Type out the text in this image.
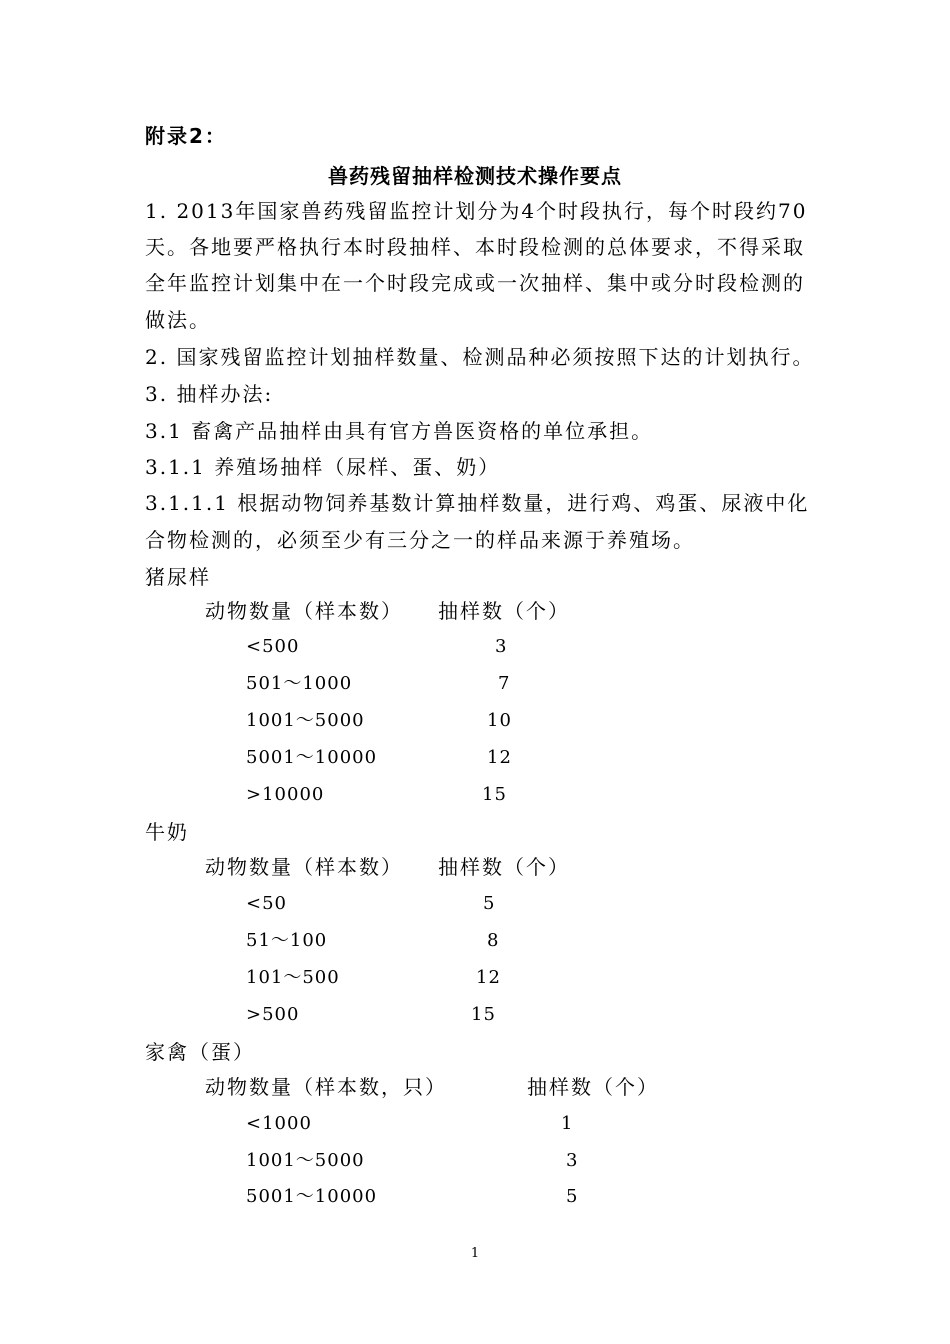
附录2：
兽药残留抽样检测技术操作要点
1. 2013年国家兽药残留监控计划分为4个时段执行，每个时段约70
天。各地要严格执行本时段抽样、本时段检测的总体要求，不得采取
全年监控计划集中在一个时段完成或一次抽样、集中或分时段检测的
做法。
2. 国家残留监控计划抽样数量、检测品种必须按照下达的计划执行。
3. 抽样办法:
3.1 畜禽产品抽样由具有官方兽医资格的单位承担。
3.1.1 养殖场抽样（尿样、蛋、奶）
3.1.1.1 根据动物饲养基数计算抽样数量，进行鸡、鸡蛋、尿液中化
合物检测的，必须至少有三分之一的样品来源于养殖场。
猪尿样
动物数量（样本数） 抽样数（个）
<500	3
501～1000	7
1001～5000	10
5001～10000	12
>10000	15
牛奶
动物数量（样本数） 抽样数（个）
<50	5
51～100	8
101～500	12
>500	15
家禽（蛋）
动物数量（样本数，只）	抽样数（个）
<1000	1
1001～5000	3
5001～10000	5
1
